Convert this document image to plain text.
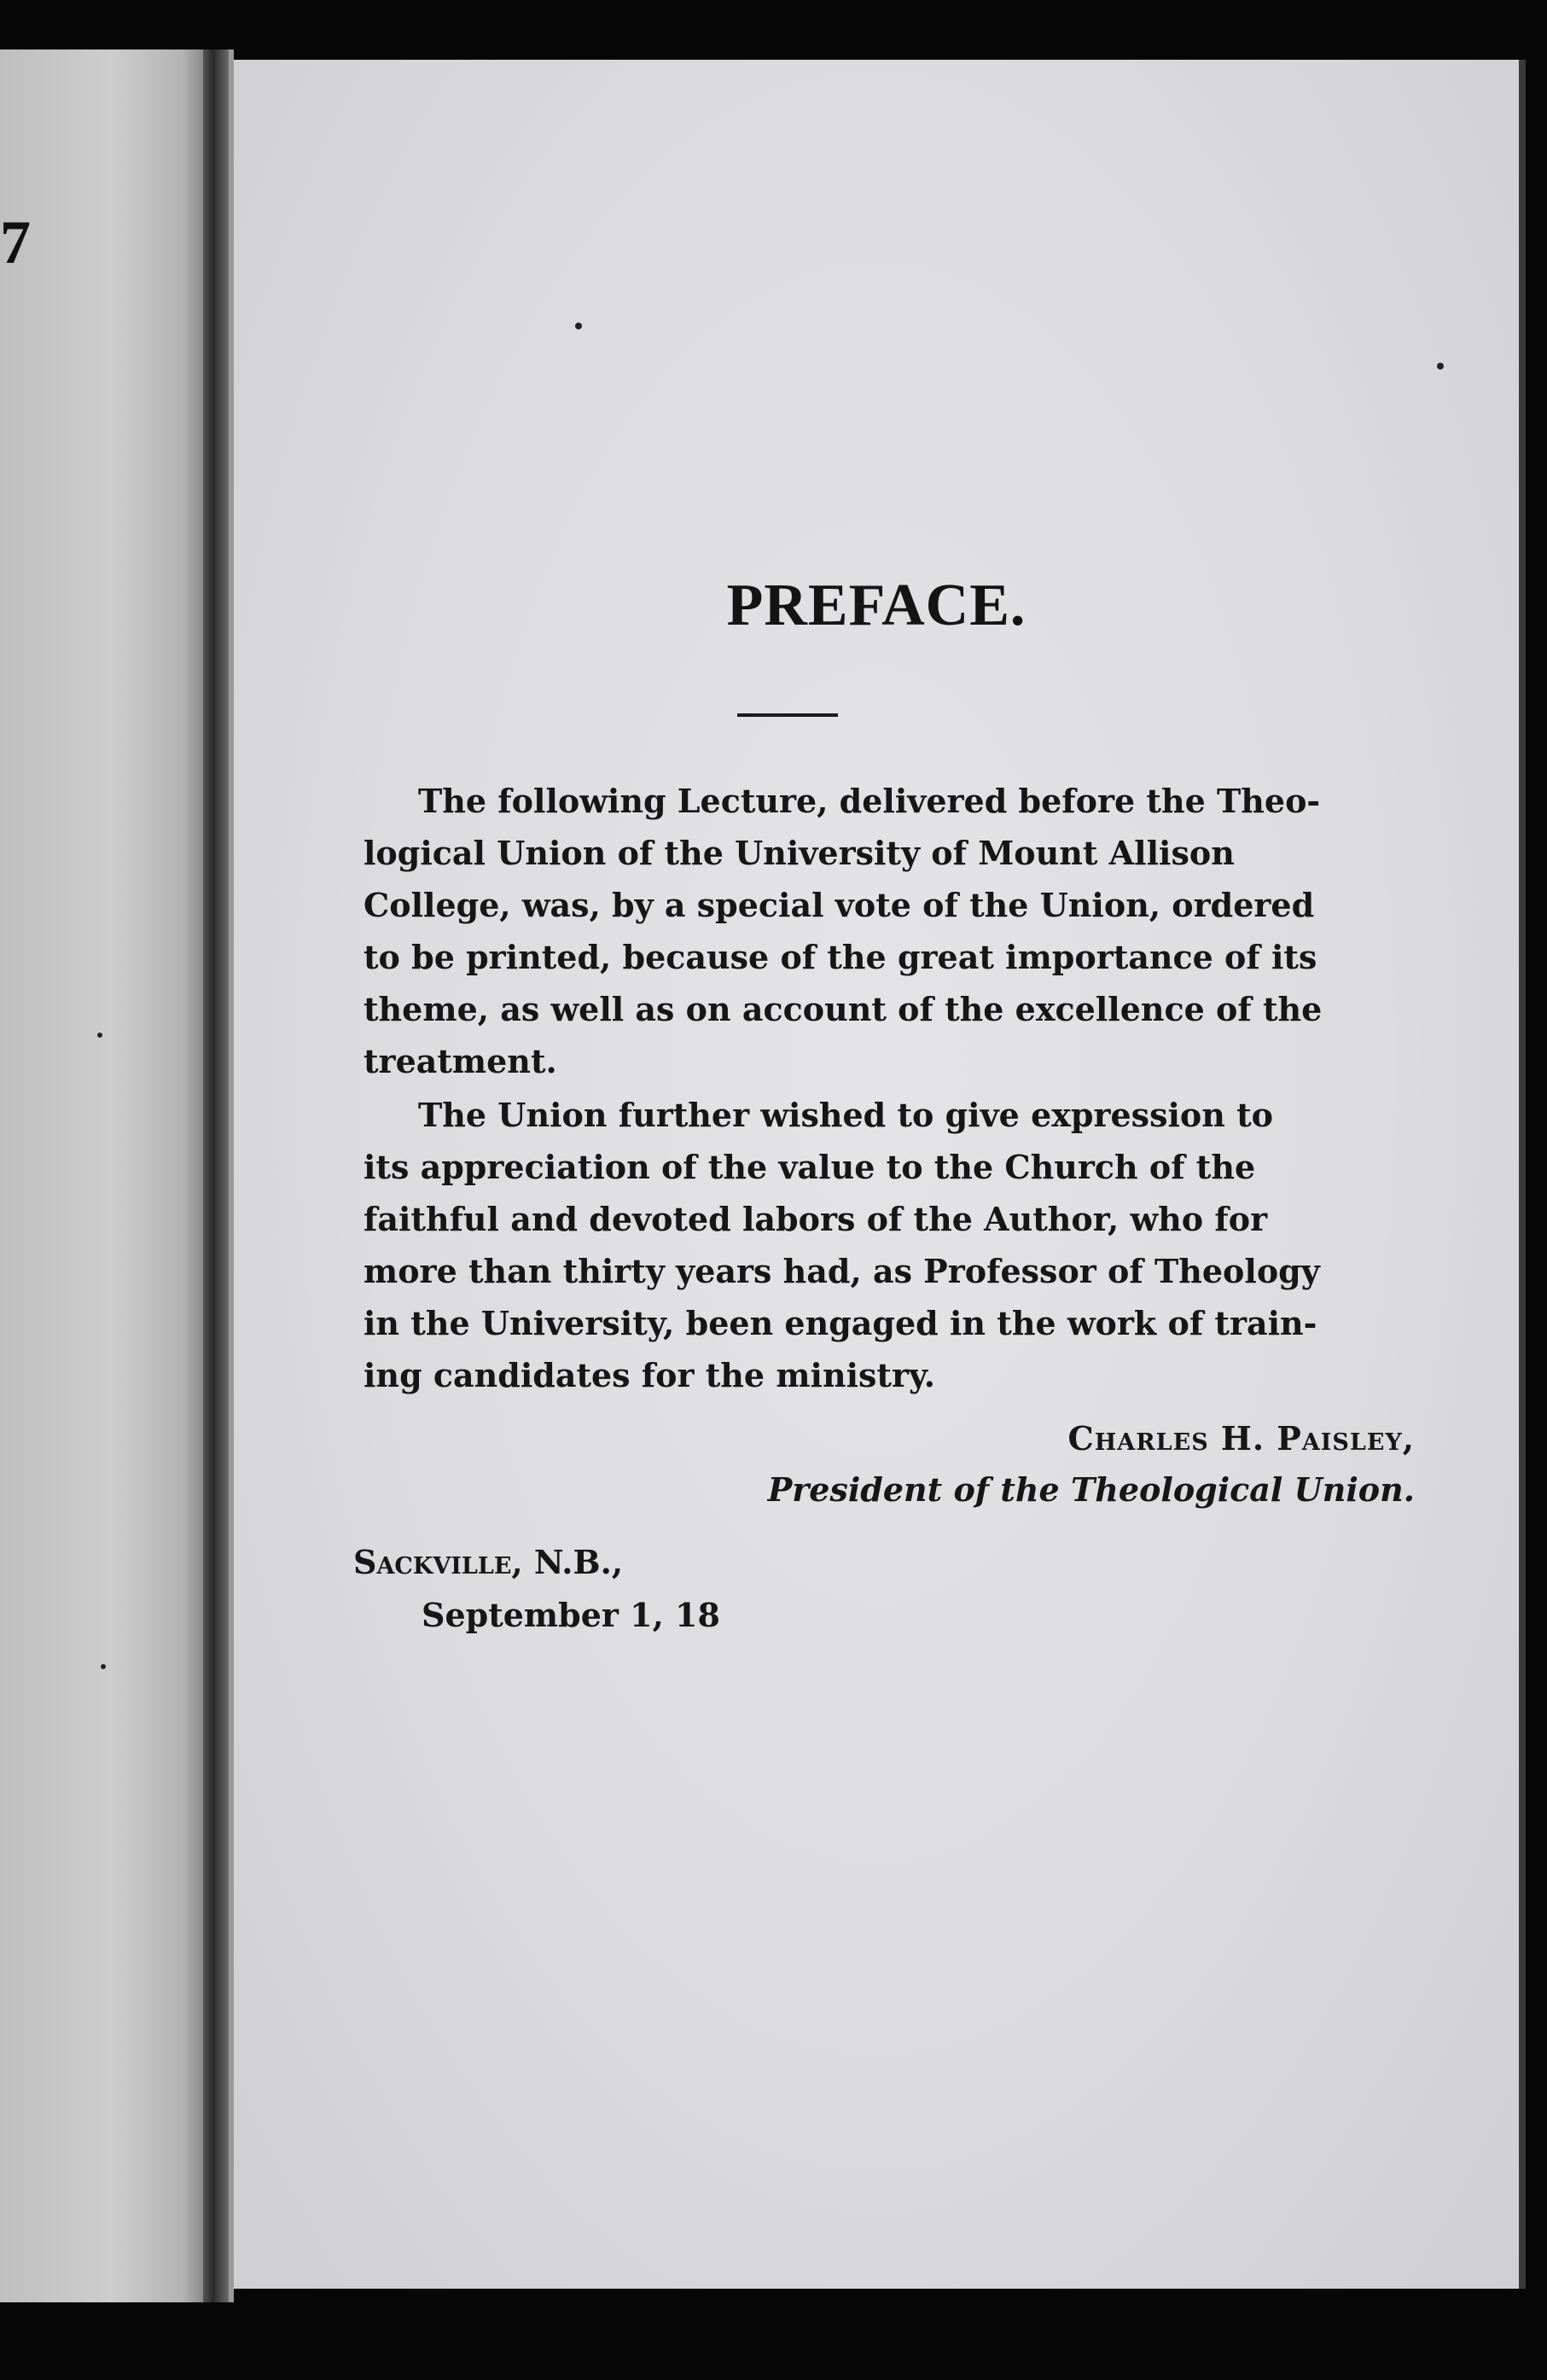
7
PREFACE.
The following Lecture, delivered before the Theo-
logical Union of the University of Mount Allison
College, was, by a special vote of the Union, ordered
to be printed, because of the great importance of its
theme, as well as on account of the excellence of the
treatment.
The Union further wished to give expression to
its appreciation of the value to the Church of the
faithful and devoted labors of the Author, who for
more than thirty years had, as Professor of Theology
in the University, been engaged in the work of train-
ing candidates for the ministry.
Charles H. Paisley,
President of the Theological Union.
Sackville, N.B.,
September 1, 18
